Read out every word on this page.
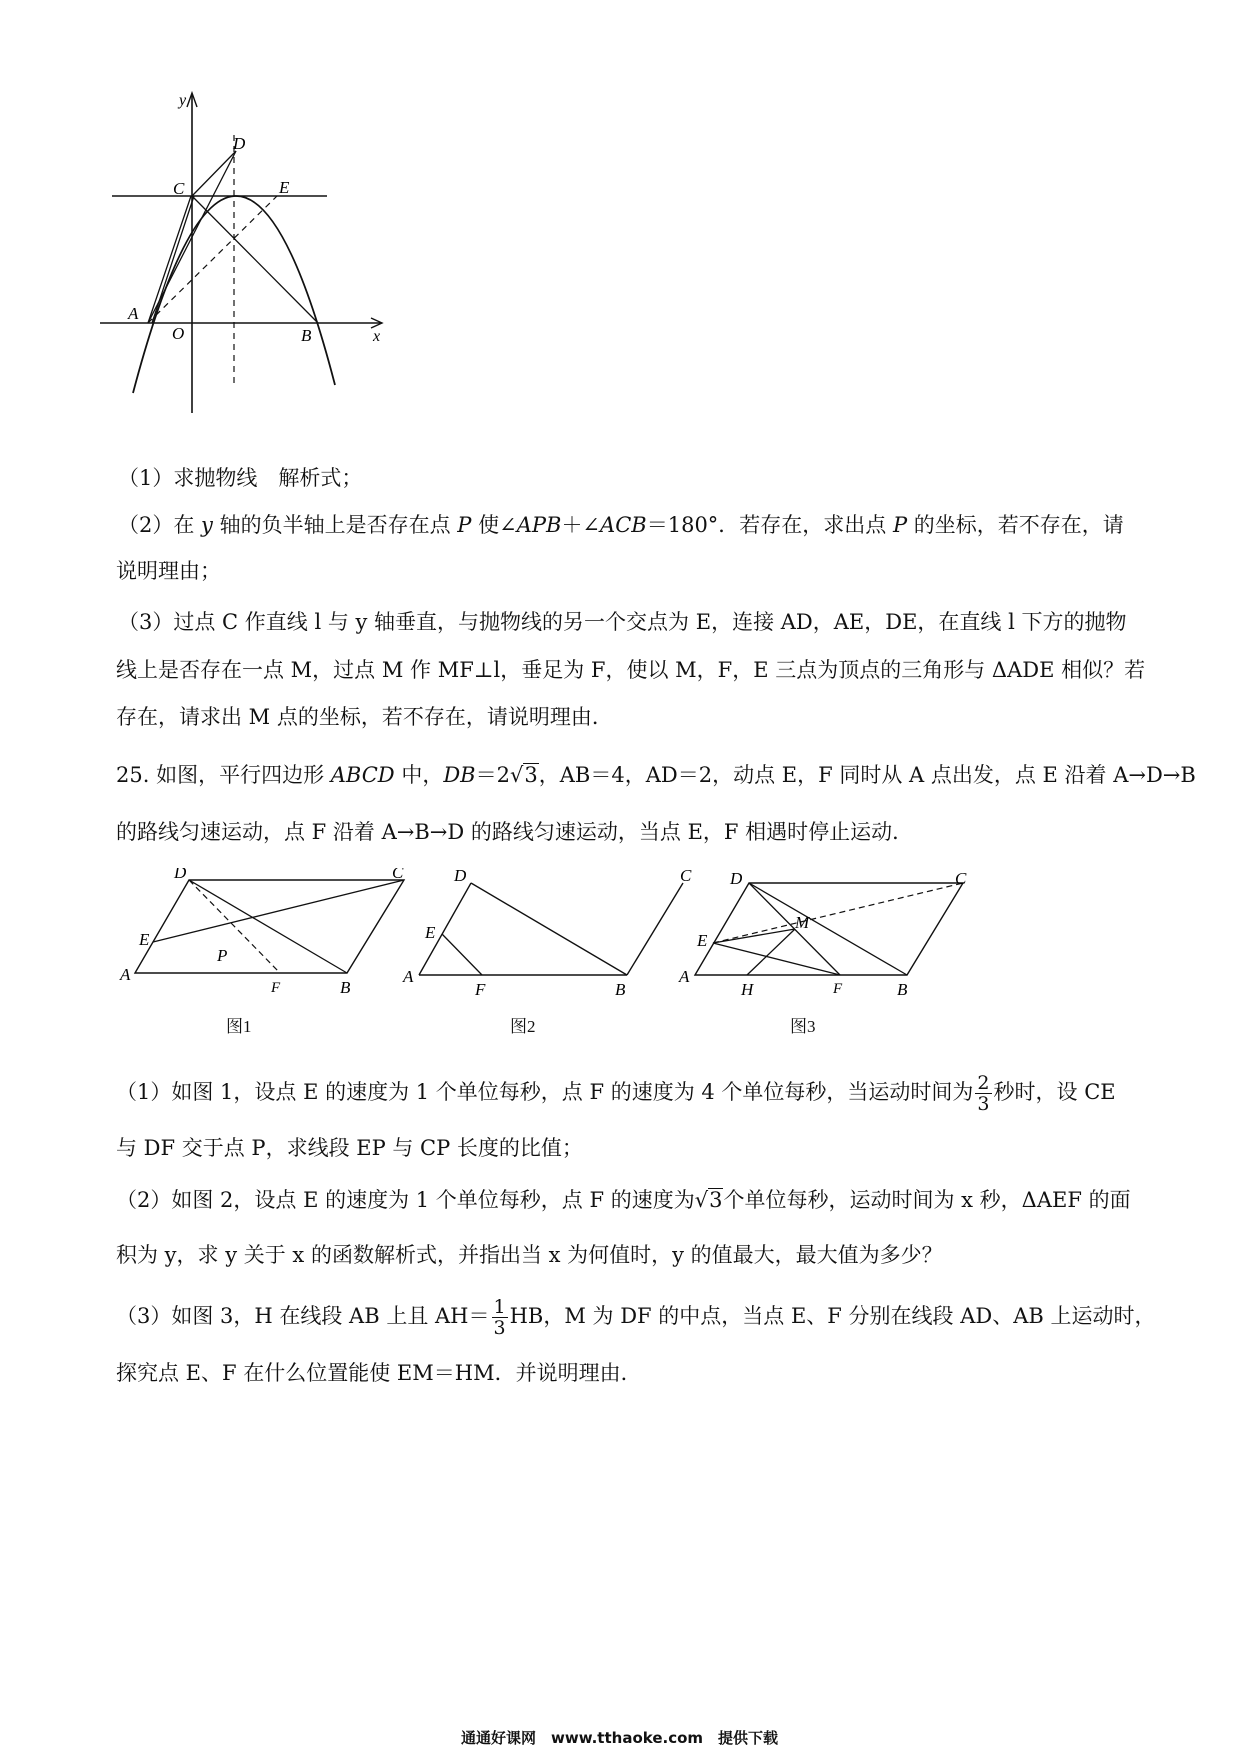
y
x
O
A
B
C
D
E
（1）求抛物线　解析式；
（2）在 y 轴的负半轴上是否存在点 P 使∠APB＋∠ACB＝180°．若存在，求出点 P 的坐标，若不存在，请
说明理由；
（3）过点 C 作直线 l 与 y 轴垂直，与抛物线的另一个交点为 E，连接 AD，AE，DE，在直线 l 下方的抛物
线上是否存在一点 M，过点 M 作 MF⊥l，垂足为 F，使以 M，F，E 三点为顶点的三角形与 ΔADE 相似？若
存在，请求出 M 点的坐标，若不存在，请说明理由．
25. 如图，平行四边形 ABCD 中，DB＝2√3，AB＝4，AD＝2，动点 E，F 同时从 A 点出发，点 E 沿着 A→D→B
的路线匀速运动，点 F 沿着 A→B→D 的路线匀速运动，当点 E，F 相遇时停止运动．
A
B
C
D
E
F
P
A
B
C
D
E
F
A
B
C
D
E
F
H
M
图1	图2	图3
（1）如图 1，设点 E 的速度为 1 个单位每秒，点 F 的速度为 4 个单位每秒，当运动时间为 $\frac{2}{3}$ 秒时，设 CE
与 DF 交于点 P，求线段 EP 与 CP 长度的比值；
（2）如图 2，设点 E 的速度为 1 个单位每秒，点 F 的速度为√3个单位每秒，运动时间为 x 秒，ΔAEF 的面
积为 y，求 y 关于 x 的函数解析式，并指出当 x 为何值时，y 的值最大，最大值为多少？
（3）如图 3，H 在线段 AB 上且 $AH= \frac{1}{3}$ HB，M 为 DF 的中点，当点 E、F 分别在线段 AD、AB 上运动时，
探究点 E、F 在什么位置能使 EM＝HM．并说明理由．
通通好课网　www.tthaoke.com　提供下载
